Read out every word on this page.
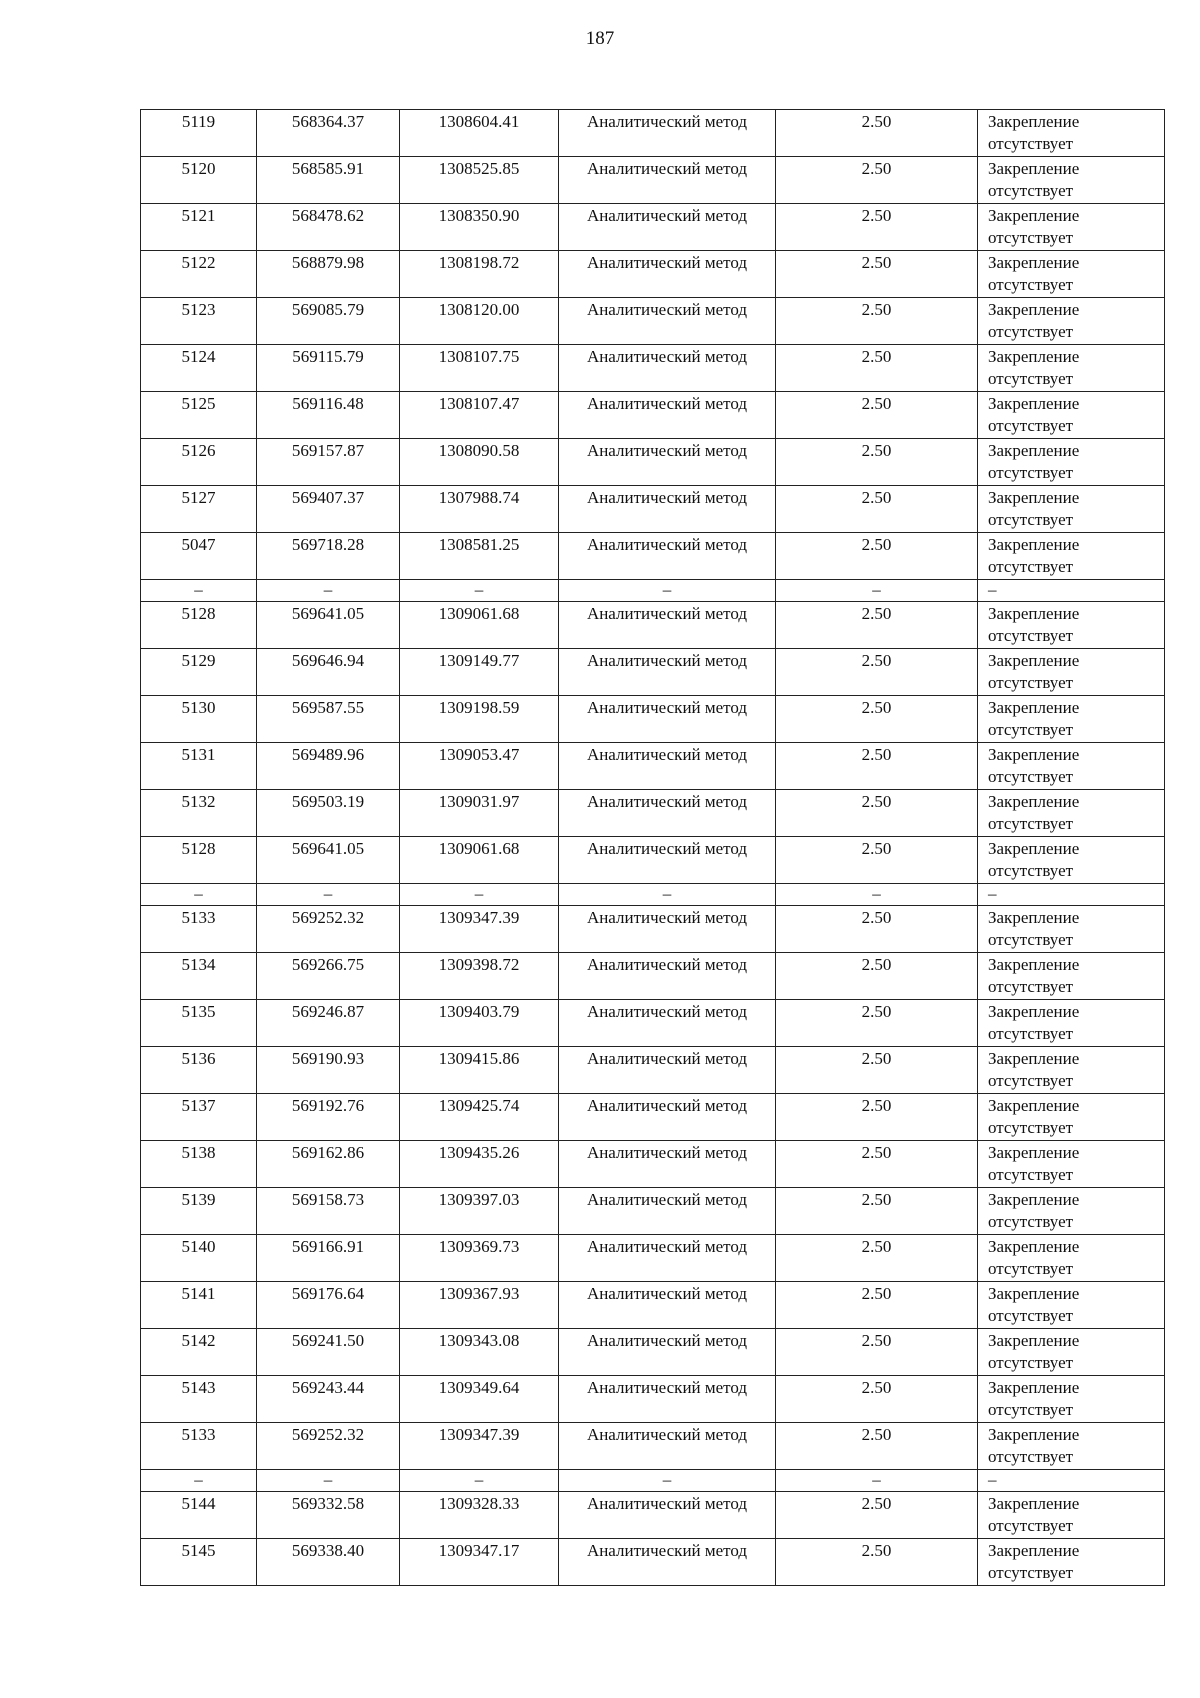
187
5119	568364.37	1308604.41	Аналитический метод	2.50	Закрепление отсутствует
5120	568585.91	1308525.85	Аналитический метод	2.50	Закрепление отсутствует
5121	568478.62	1308350.90	Аналитический метод	2.50	Закрепление отсутствует
5122	568879.98	1308198.72	Аналитический метод	2.50	Закрепление отсутствует
5123	569085.79	1308120.00	Аналитический метод	2.50	Закрепление отсутствует
5124	569115.79	1308107.75	Аналитический метод	2.50	Закрепление отсутствует
5125	569116.48	1308107.47	Аналитический метод	2.50	Закрепление отсутствует
5126	569157.87	1308090.58	Аналитический метод	2.50	Закрепление отсутствует
5127	569407.37	1307988.74	Аналитический метод	2.50	Закрепление отсутствует
5047	569718.28	1308581.25	Аналитический метод	2.50	Закрепление отсутствует
–	–	–	–	–	–
5128	569641.05	1309061.68	Аналитический метод	2.50	Закрепление отсутствует
5129	569646.94	1309149.77	Аналитический метод	2.50	Закрепление отсутствует
5130	569587.55	1309198.59	Аналитический метод	2.50	Закрепление отсутствует
5131	569489.96	1309053.47	Аналитический метод	2.50	Закрепление отсутствует
5132	569503.19	1309031.97	Аналитический метод	2.50	Закрепление отсутствует
5128	569641.05	1309061.68	Аналитический метод	2.50	Закрепление отсутствует
–	–	–	–	–	–
5133	569252.32	1309347.39	Аналитический метод	2.50	Закрепление отсутствует
5134	569266.75	1309398.72	Аналитический метод	2.50	Закрепление отсутствует
5135	569246.87	1309403.79	Аналитический метод	2.50	Закрепление отсутствует
5136	569190.93	1309415.86	Аналитический метод	2.50	Закрепление отсутствует
5137	569192.76	1309425.74	Аналитический метод	2.50	Закрепление отсутствует
5138	569162.86	1309435.26	Аналитический метод	2.50	Закрепление отсутствует
5139	569158.73	1309397.03	Аналитический метод	2.50	Закрепление отсутствует
5140	569166.91	1309369.73	Аналитический метод	2.50	Закрепление отсутствует
5141	569176.64	1309367.93	Аналитический метод	2.50	Закрепление отсутствует
5142	569241.50	1309343.08	Аналитический метод	2.50	Закрепление отсутствует
5143	569243.44	1309349.64	Аналитический метод	2.50	Закрепление отсутствует
5133	569252.32	1309347.39	Аналитический метод	2.50	Закрепление отсутствует
–	–	–	–	–	–
5144	569332.58	1309328.33	Аналитический метод	2.50	Закрепление отсутствует
5145	569338.40	1309347.17	Аналитический метод	2.50	Закрепление отсутствует
